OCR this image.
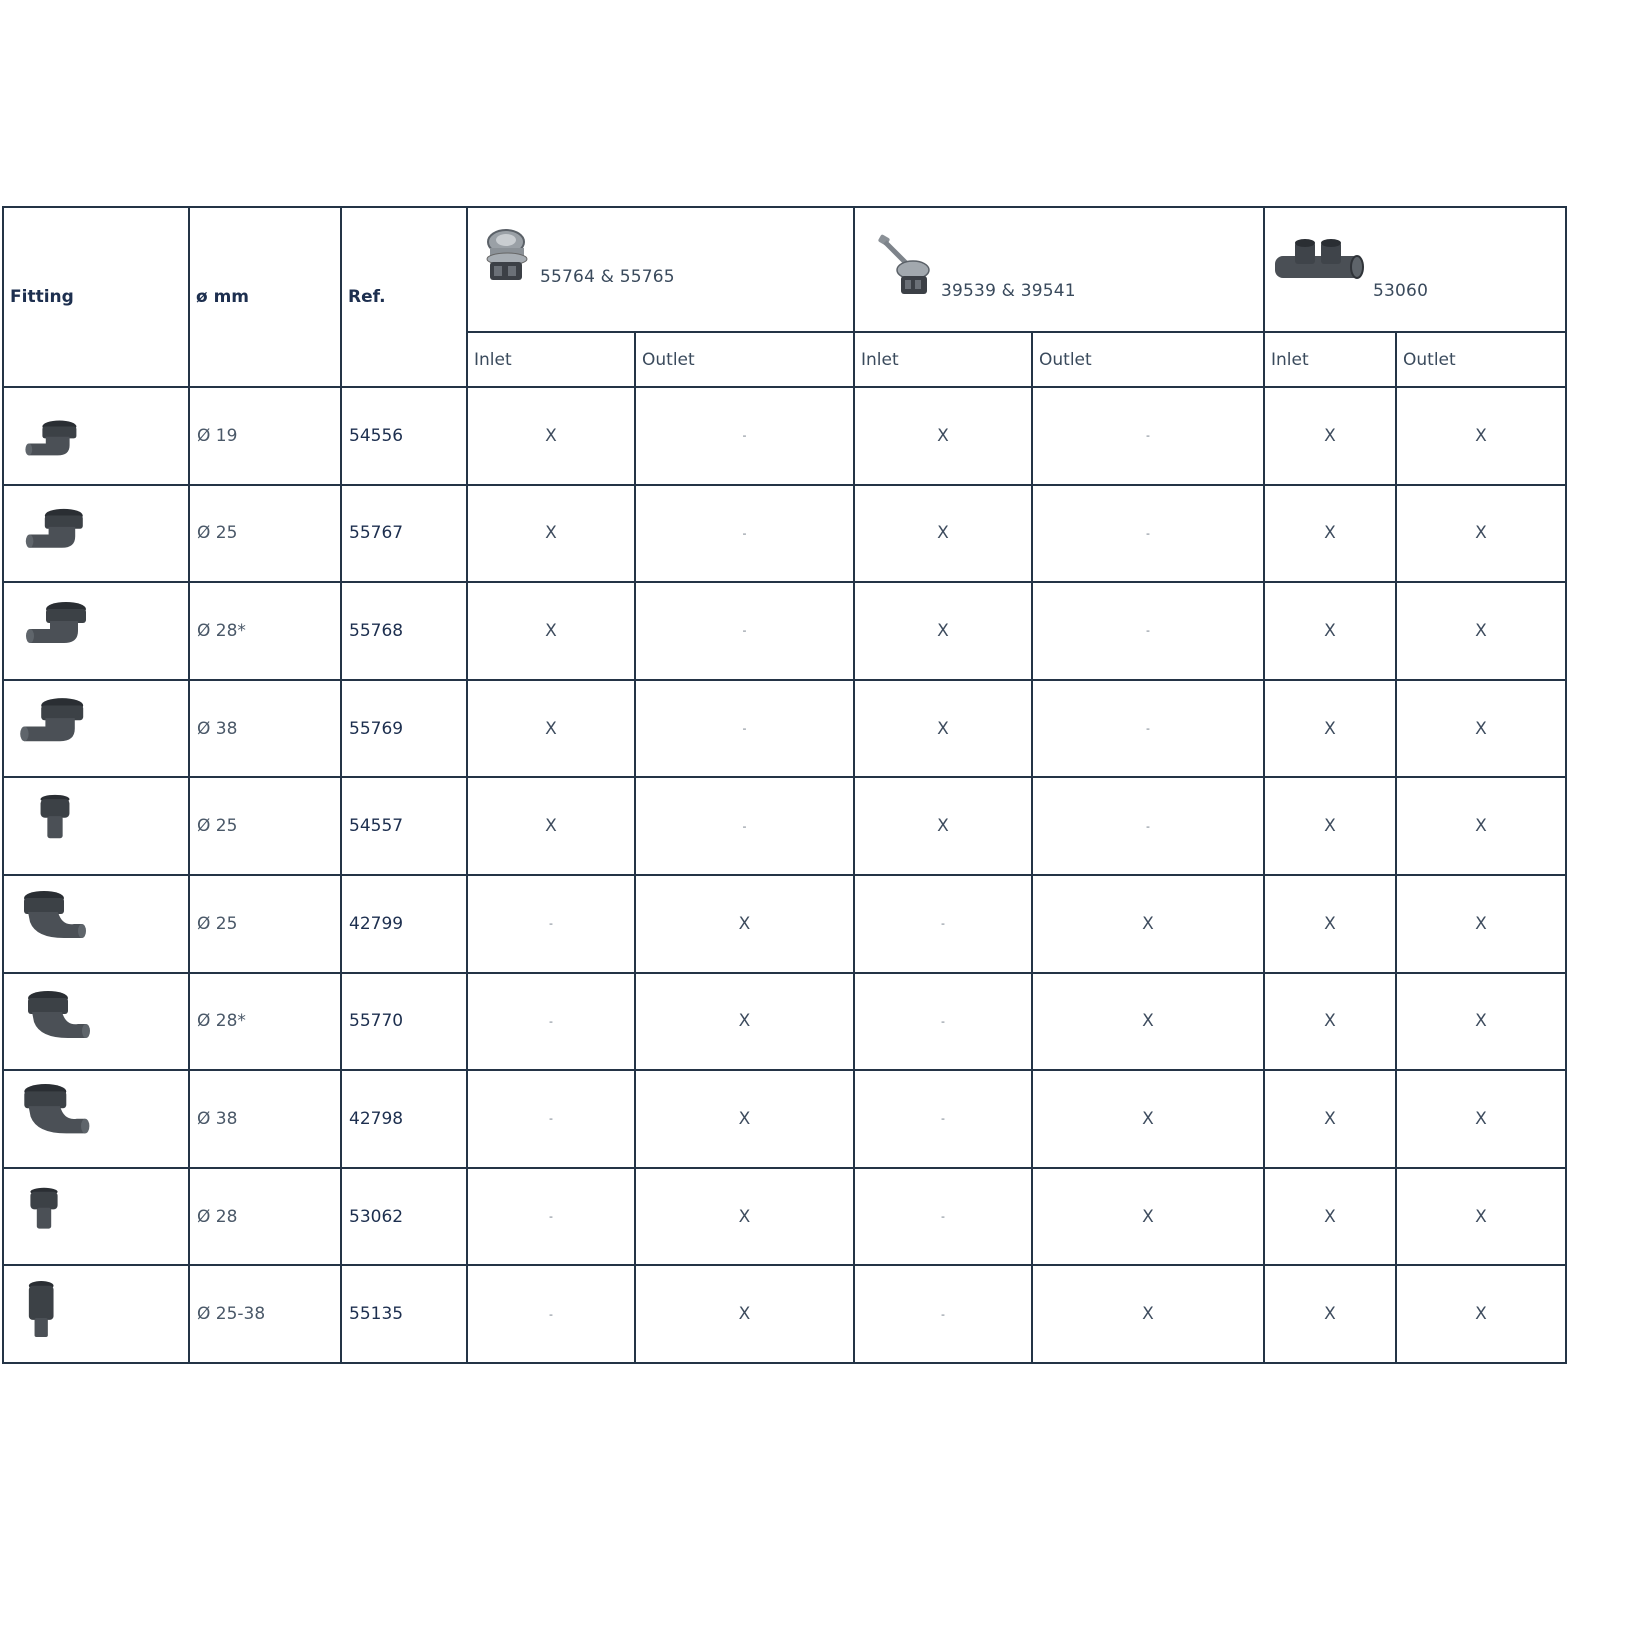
Fitting	ø mm	Ref.	55764 & 55765		39539 & 39541		53060	

			Inlet	Outlet	Inlet	Outlet	Inlet	Outlet

	Ø 19	54556	X	-	X	-	X	X

	Ø 25	55767	X	-	X	-	X	X

	Ø 28*	55768	X	-	X	-	X	X

	Ø 38	55769	X	-	X	-	X	X

	Ø 25	54557	X	-	X	-	X	X

	Ø 25	42799	-	X	-	X	X	X

	Ø 28*	55770	-	X	-	X	X	X

	Ø 38	42798	-	X	-	X	X	X

	Ø 28	53062	-	X	-	X	X	X

	Ø 25-38	55135	-	X	-	X	X	X
